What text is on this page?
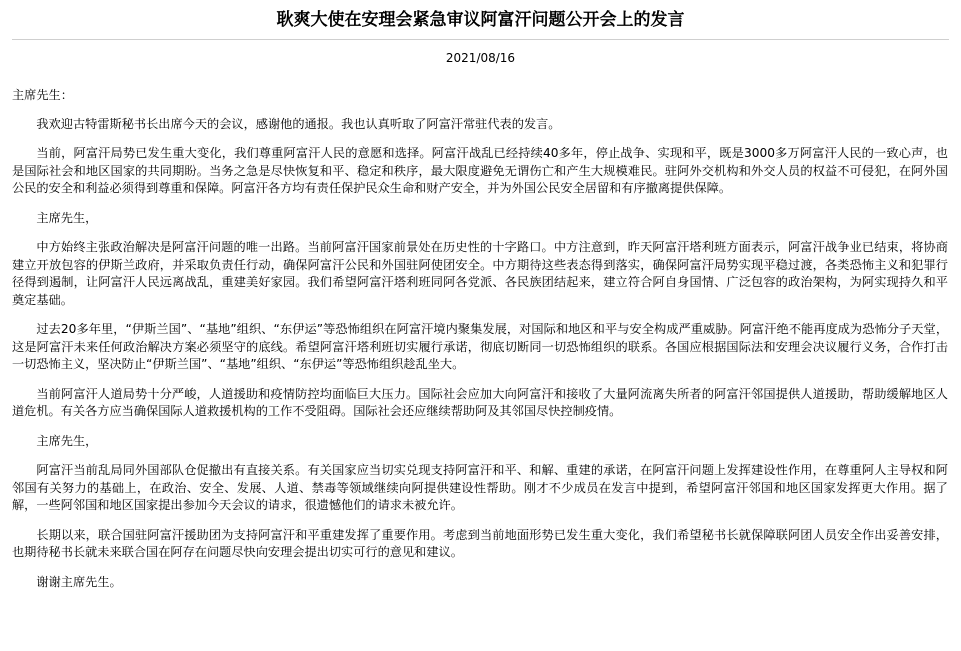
耿爽大使在安理会紧急审议阿富汗问题公开会上的发言
2021/08/16

主席先生：

我欢迎古特雷斯秘书长出席今天的会议，感谢他的通报。我也认真听取了阿富汗常驻代表的发言。

当前，阿富汗局势已发生重大变化，我们尊重阿富汗人民的意愿和选择。阿富汗战乱已经持续40多年，停止战争、实现和平，既是3000多万阿富汗人民的一致心声，也是国际社会和地区国家的共同期盼。当务之急是尽快恢复和平、稳定和秩序，最大限度避免无谓伤亡和产生大规模难民。驻阿外交机构和外交人员的权益不可侵犯，在阿外国公民的安全和利益必须得到尊重和保障。阿富汗各方均有责任保护民众生命和财产安全，并为外国公民安全居留和有序撤离提供保障。

主席先生，

中方始终主张政治解决是阿富汗问题的唯一出路。当前阿富汗国家前景处在历史性的十字路口。中方注意到，昨天阿富汗塔利班方面表示，阿富汗战争业已结束，将协商建立开放包容的伊斯兰政府，并采取负责任行动，确保阿富汗公民和外国驻阿使团安全。中方期待这些表态得到落实，确保阿富汗局势实现平稳过渡，各类恐怖主义和犯罪行径得到遏制，让阿富汗人民远离战乱，重建美好家园。我们希望阿富汗塔利班同阿各党派、各民族团结起来，建立符合阿自身国情、广泛包容的政治架构，为阿实现持久和平奠定基础。

过去20多年里，“伊斯兰国”、“基地”组织、“东伊运”等恐怖组织在阿富汗境内聚集发展，对国际和地区和平与安全构成严重威胁。阿富汗绝不能再度成为恐怖分子天堂，这是阿富汗未来任何政治解决方案必须坚守的底线。希望阿富汗塔利班切实履行承诺，彻底切断同一切恐怖组织的联系。各国应根据国际法和安理会决议履行义务，合作打击一切恐怖主义，坚决防止“伊斯兰国”、“基地”组织、“东伊运”等恐怖组织趁乱坐大。

当前阿富汗人道局势十分严峻，人道援助和疫情防控均面临巨大压力。国际社会应加大向阿富汗和接收了大量阿流离失所者的阿富汗邻国提供人道援助，帮助缓解地区人道危机。有关各方应当确保国际人道救援机构的工作不受阻碍。国际社会还应继续帮助阿及其邻国尽快控制疫情。

主席先生，

阿富汗当前乱局同外国部队仓促撤出有直接关系。有关国家应当切实兑现支持阿富汗和平、和解、重建的承诺，在阿富汗问题上发挥建设性作用，在尊重阿人主导权和阿邻国有关努力的基础上，在政治、安全、发展、人道、禁毒等领域继续向阿提供建设性帮助。刚才不少成员在发言中提到，希望阿富汗邻国和地区国家发挥更大作用。据了解，一些阿邻国和地区国家提出参加今天会议的请求，很遗憾他们的请求未被允许。

长期以来，联合国驻阿富汗援助团为支持阿富汗和平重建发挥了重要作用。考虑到当前地面形势已发生重大变化，我们希望秘书长就保障联阿团人员安全作出妥善安排，也期待秘书长就未来联合国在阿存在问题尽快向安理会提出切实可行的意见和建议。

谢谢主席先生。
